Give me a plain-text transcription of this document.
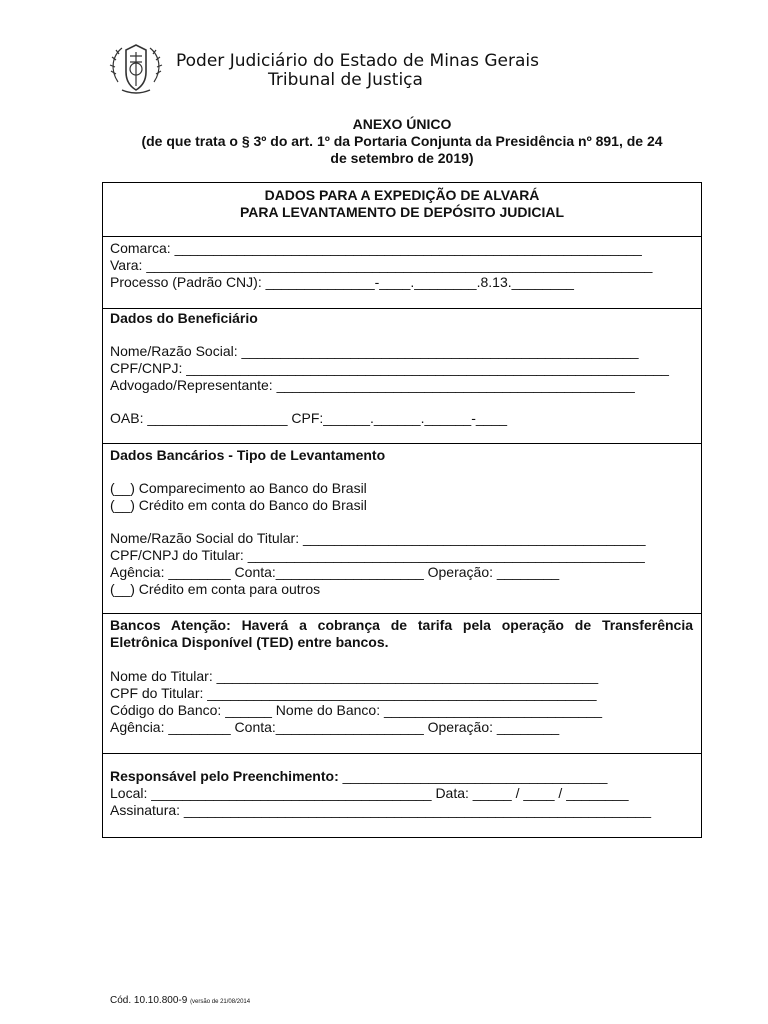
Poder Judiciário do Estado de Minas Gerais
Tribunal de Justiça
ANEXO ÚNICO
(de que trata o § 3º do art. 1º da Portaria Conjunta da Presidência nº 891, de 24
de setembro de 2019)
DADOS PARA A EXPEDIÇÃO DE ALVARÁ
PARA LEVANTAMENTO DE DEPÓSITO JUDICIAL
Comarca: ____________________________________________________________
Vara: _________________________________________________________________
Processo (Padrão CNJ): ______________-____.________.8.13.________
Dados do Beneficiário
Nome/Razão Social: ___________________________________________________
CPF/CNPJ: ______________________________________________________________
Advogado/Representante: ______________________________________________
OAB: __________________ CPF:______.______.______-____
Dados Bancários - Tipo de Levantamento
(__) Comparecimento ao Banco do Brasil
(__) Crédito em conta do Banco do Brasil
Nome/Razão Social do Titular: ____________________________________________
CPF/CNPJ do Titular: ___________________________________________________
Agência: ________ Conta:___________________ Operação: ________
(__) Crédito em conta para outros
Bancos Atenção: Haverá a cobrança de tarifa pela operação de Transferência Eletrônica Disponível (TED) entre bancos.
Nome do Titular: _________________________________________________
CPF do Titular: __________________________________________________
Código do Banco: ______ Nome do Banco: ____________________________
Agência: ________ Conta:___________________ Operação: ________
Responsável pelo Preenchimento: __________________________________
Local: ____________________________________ Data: _____ / ____ / ________
Assinatura: ____________________________________________________________
Cód. 10.10.800-9 (versão de 21/08/2014
